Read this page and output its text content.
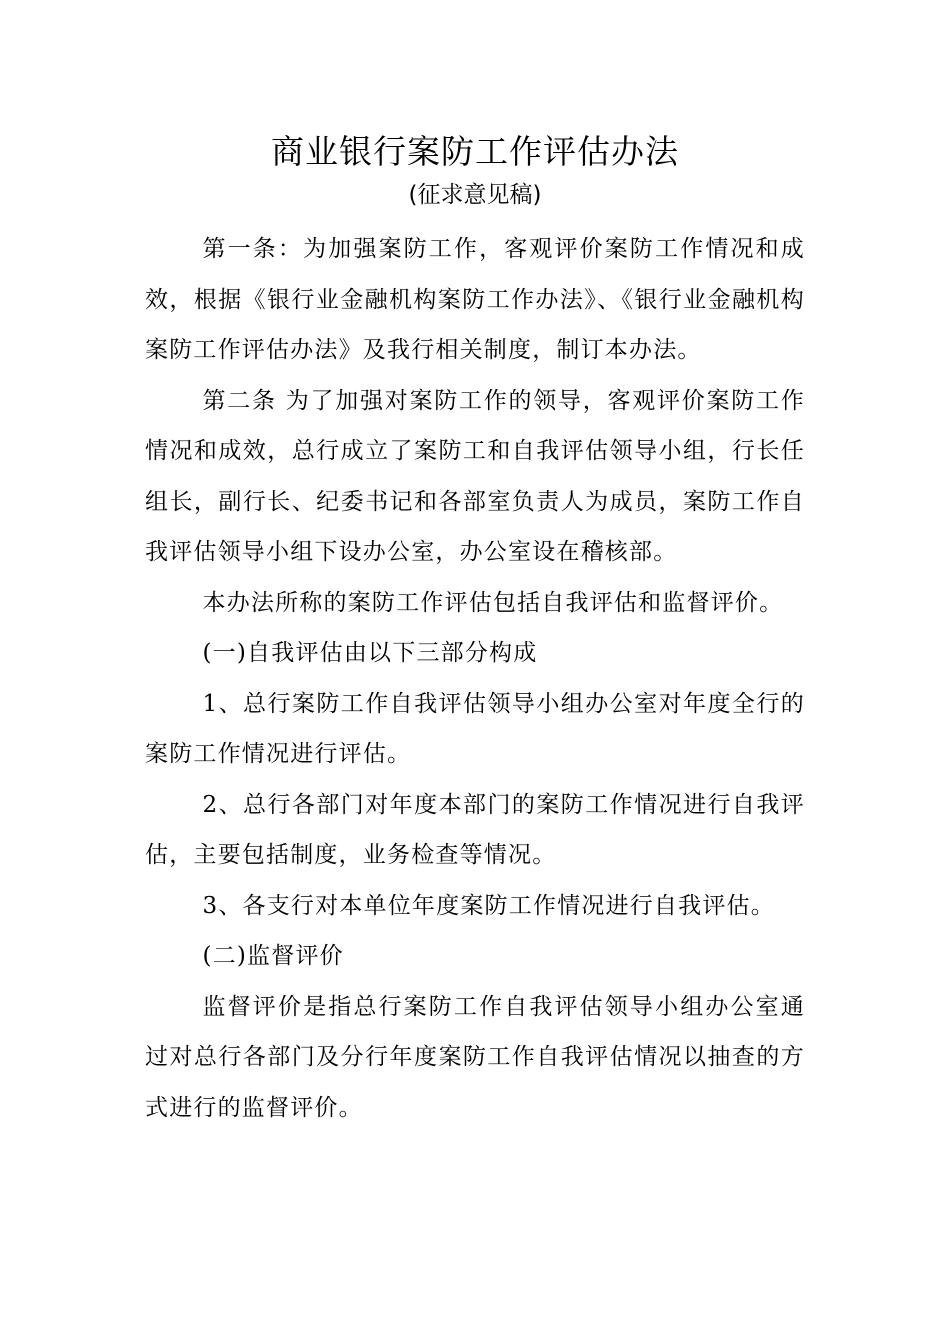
商业银行案防工作评估办法
(征求意见稿)

第一条：为加强案防工作，客观评价案防工作情况和成效，根据《银行业金融机构案防工作办法》、《银行业金融机构案防工作评估办法》及我行相关制度，制订本办法。

第二条 为了加强对案防工作的领导，客观评价案防工作情况和成效，总行成立了案防工和自我评估领导小组，行长任组长，副行长、纪委书记和各部室负责人为成员，案防工作自我评估领导小组下设办公室，办公室设在稽核部。

本办法所称的案防工作评估包括自我评估和监督评价。

(一)自我评估由以下三部分构成

1、总行案防工作自我评估领导小组办公室对年度全行的案防工作情况进行评估。

2、总行各部门对年度本部门的案防工作情况进行自我评估，主要包括制度，业务检查等情况。

3、各支行对本单位年度案防工作情况进行自我评估。

(二)监督评价

监督评价是指总行案防工作自我评估领导小组办公室通过对总行各部门及分行年度案防工作自我评估情况以抽查的方式进行的监督评价。
